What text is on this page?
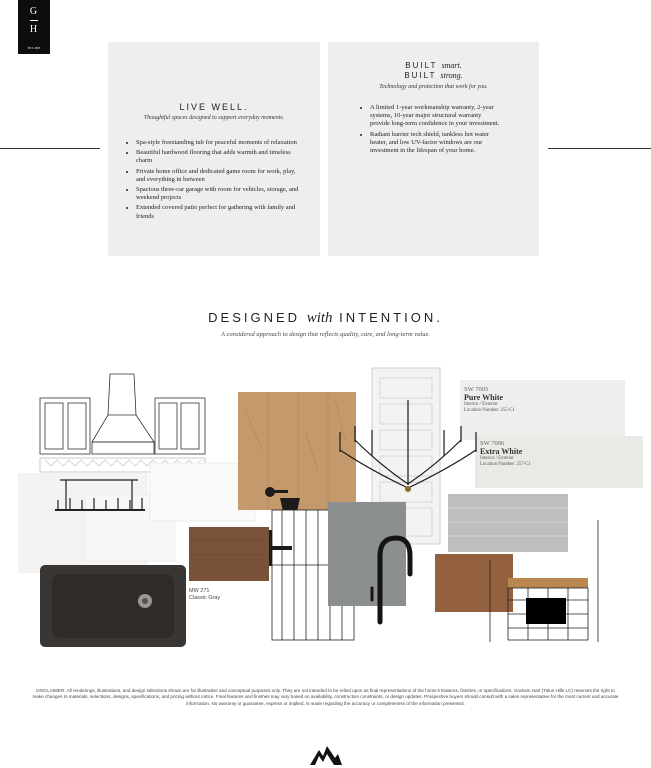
G
H
EST. 2003
LIVE WELL.
Thoughtful spaces designed to support everyday moments.
• Spa-style freestanding tub for peaceful moments of relaxation
• Beautiful hardwood flooring that adds warmth and timeless charm
• Private home office and dedicated game room for work, play, and everything in between
• Spacious three-car garage with room for vehicles, storage, and weekend projects
• Extended covered patio perfect for gathering with family and friends
BUILT smart.
BUILT strong.
Technology and protection that work for you.
• A limited 1-year workmanship warranty, 2-year systems, 10-year major structural warranty provide long-term confidence in your investment.
• Radiant barrier tech shield, tankless hot water heater, and low UV-factor windows are our investment in the lifespan of your home.
DESIGNED with INTENTION.
A considered approach to design that reflects quality, care, and long-term value.
SW 7005
Pure White
Interior / Exterior
Location Number: 255-C1
SW 7006
Extra White
Interior / Exterior
Location Number: 257-C1
MW 271
Classic Gray
DISCLAIMER: All renderings, illustrations, and design selections shown are for illustrative and conceptual purposes only. They are not intended to be relied upon as final representations of the home's features, finishes, or specifications. Graham Hart (Talon Hills LC) reserves the right to make changes to materials, selections, designs, specifications, and pricing without notice. Final features and finishes may vary based on availability, construction constraints, or design updates. Prospective buyers should consult with a sales representative for the most current and accurate information. No warranty or guarantee, express or implied, is made regarding the accuracy or completeness of the information presented.
